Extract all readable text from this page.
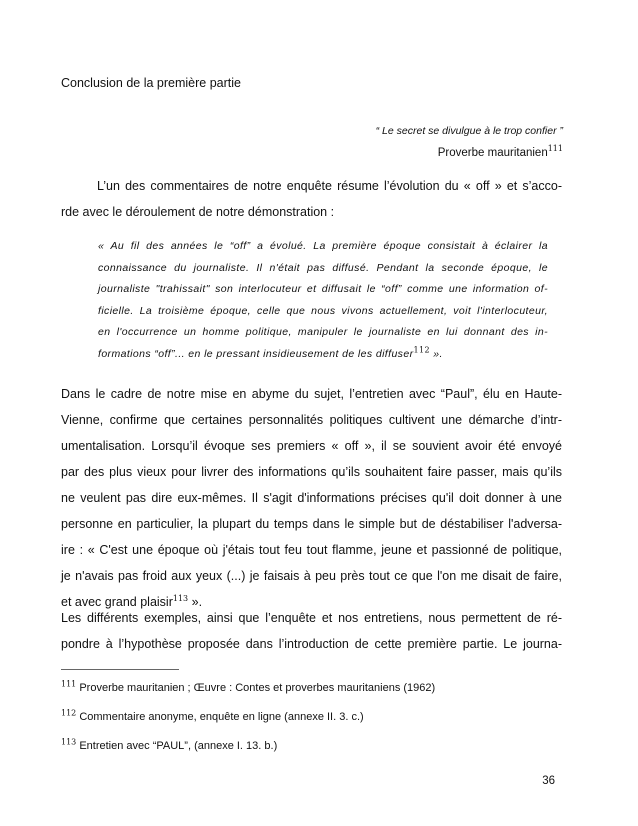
Conclusion de la première partie
“ Le secret se divulgue à le trop confier ”
Proverbe mauritanien$^{111}$
L’un des commentaires de notre enquête résume l’évolution du « off » et s’acco-
rde avec le déroulement de notre démonstration :
« Au fil des années le “off” a évolué. La première époque consistait à éclairer la
connaissance du journaliste. Il n'était pas diffusé. Pendant la seconde époque, le
journaliste "trahissait" son interlocuteur et diffusait le “off” comme une information of-
ficielle. La troisième époque, celle que nous vivons actuellement, voit l'interlocuteur,
en l'occurrence un homme politique, manipuler le journaliste en lui donnant des in-
formations “off”... en le pressant insidieusement de les diffuser$^{112}$ ».
Dans le cadre de notre mise en abyme du sujet, l’entretien avec “Paul”, élu en Haute-
Vienne, confirme que certaines personnalités politiques cultivent une démarche d’intr-
umentalisation. Lorsqu’il évoque ses premiers « off », il se souvient avoir été envoyé
par des plus vieux pour livrer des informations qu’ils souhaitent faire passer, mais qu’ils
ne veulent pas dire eux-mêmes. Il s'agit d'informations précises qu'il doit donner à une
personne en particulier, la plupart du temps dans le simple but de déstabiliser l'adversa-
ire : « C'est une époque où j'étais tout feu tout flamme, jeune et passionné de politique,
je n'avais pas froid aux yeux (...) je faisais à peu près tout ce que l'on me disait de faire,
et avec grand plaisir$^{113}$ ».
Les différents exemples, ainsi que l’enquête et nos entretiens, nous permettent de ré-
pondre à l’hypothèse proposée dans l’introduction de cette première partie. Le journa-
$^{111}$ Proverbe mauritanien ; Œuvre : Contes et proverbes mauritaniens (1962)
$^{112}$ Commentaire anonyme, enquête en ligne (annexe II. 3. c.)
$^{113}$ Entretien avec “PAUL”, (annexe I. 13. b.)
36
